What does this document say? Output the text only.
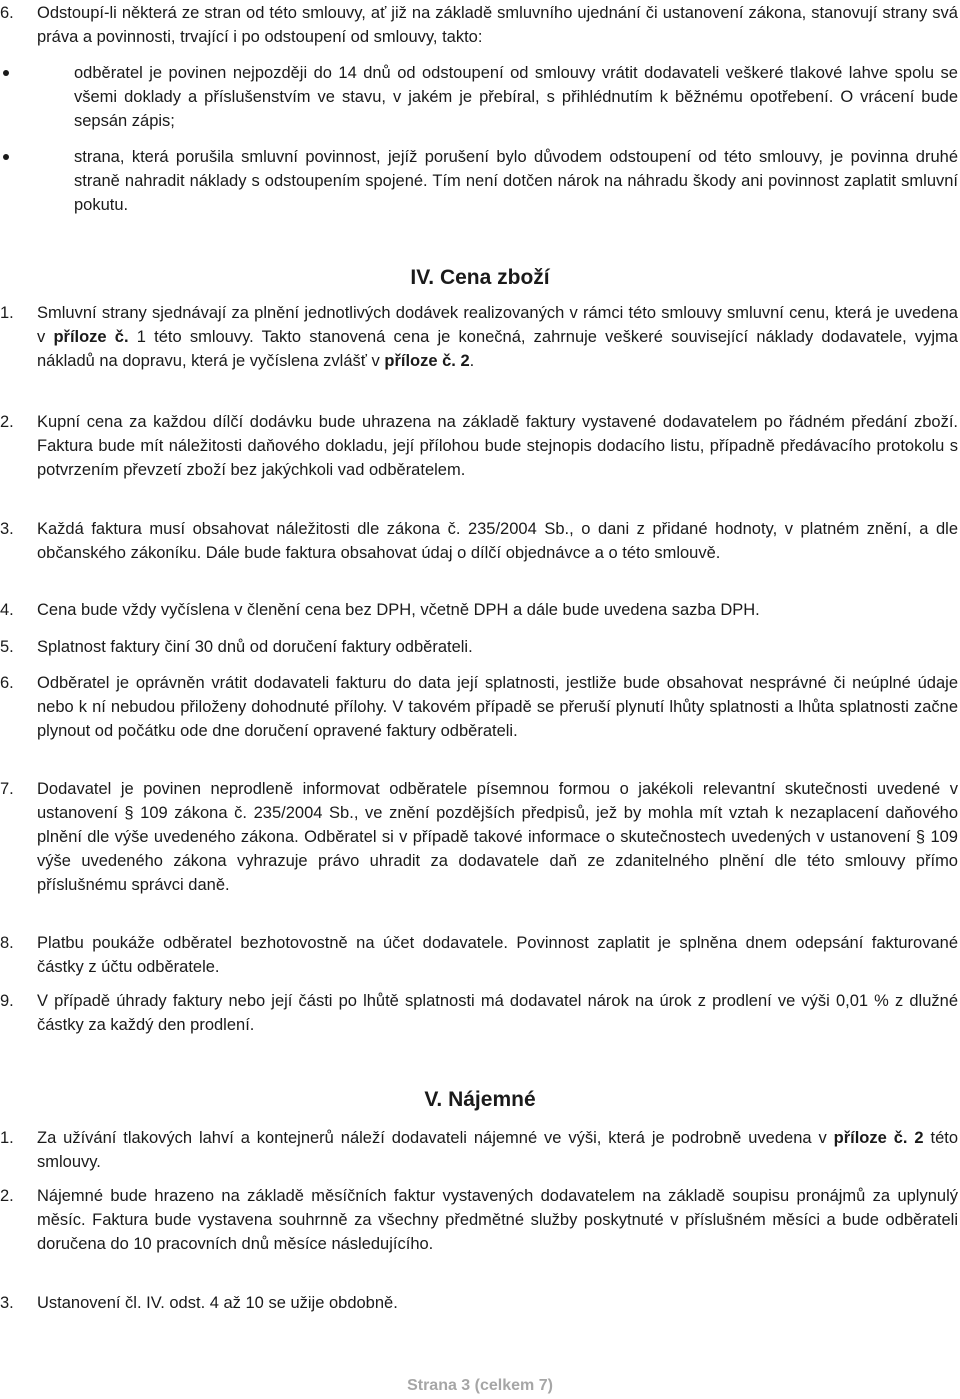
6. Odstoupí-li některá ze stran od této smlouvy, ať již na základě smluvního ujednání či ustanovení zákona, stanovují strany svá práva a povinnosti, trvající i po odstoupení od smlouvy, takto:
odběratel je povinen nejpozději do 14 dnů od odstoupení od smlouvy vrátit dodavateli veškeré tlakové lahve spolu se všemi doklady a příslušenstvím ve stavu, v jakém je přebíral, s přihlédnutím k běžnému opotřebení. O vrácení bude sepsán zápis;
strana, která porušila smluvní povinnost, jejíž porušení bylo důvodem odstoupení od této smlouvy, je povinna druhé straně nahradit náklady s odstoupením spojené. Tím není dotčen nárok na náhradu škody ani povinnost zaplatit smluvní pokutu.
IV. Cena zboží
1. Smluvní strany sjednávají za plnění jednotlivých dodávek realizovaných v rámci této smlouvy smluvní cenu, která je uvedena v příloze č. 1 této smlouvy. Takto stanovená cena je konečná, zahrnuje veškeré související náklady dodavatele, vyjma nákladů na dopravu, která je vyčíslena zvlášť v příloze č. 2.
2. Kupní cena za každou dílčí dodávku bude uhrazena na základě faktury vystavené dodavatelem po řádném předání zboží. Faktura bude mít náležitosti daňového dokladu, její přílohou bude stejnopis dodacího listu, případně předávacího protokolu s potvrzením převzetí zboží bez jakýchkoli vad odběratelem.
3. Každá faktura musí obsahovat náležitosti dle zákona č. 235/2004 Sb., o dani z přidané hodnoty, v platném znění, a dle občanského zákoníku. Dále bude faktura obsahovat údaj o dílčí objednávce a o této smlouvě.
4. Cena bude vždy vyčíslena v členění cena bez DPH, včetně DPH a dále bude uvedena sazba DPH.
5. Splatnost faktury činí 30 dnů od doručení faktury odběrateli.
6. Odběratel je oprávněn vrátit dodavateli fakturu do data její splatnosti, jestliže bude obsahovat nesprávné či neúplné údaje nebo k ní nebudou přiloženy dohodnuté přílohy. V takovém případě se přeruší plynutí lhůty splatnosti a lhůta splatnosti začne plynout od počátku ode dne doručení opravené faktury odběrateli.
7. Dodavatel je povinen neprodleně informovat odběratele písemnou formou o jakékoli relevantní skutečnosti uvedené v ustanovení § 109 zákona č. 235/2004 Sb., ve znění pozdějších předpisů, jež by mohla mít vztah k nezaplacení daňového plnění dle výše uvedeného zákona. Odběratel si v případě takové informace o skutečnostech uvedených v ustanovení § 109 výše uvedeného zákona vyhrazuje právo uhradit za dodavatele daň ze zdanitelného plnění dle této smlouvy přímo příslušnému správci daně.
8. Platbu poukáže odběratel bezhotovostně na účet dodavatele. Povinnost zaplatit je splněna dnem odepsání fakturované částky z účtu odběratele.
9. V případě úhrady faktury nebo její části po lhůtě splatnosti má dodavatel nárok na úrok z prodlení ve výši 0,01 % z dlužné částky za každý den prodlení.
V. Nájemné
1. Za užívání tlakových lahví a kontejnerů náleží dodavateli nájemné ve výši, která je podrobně uvedena v příloze č. 2 této smlouvy.
2. Nájemné bude hrazeno na základě měsíčních faktur vystavených dodavatelem na základě soupisu pronájmů za uplynulý měsíc. Faktura bude vystavena souhrnně za všechny předmětné služby poskytnuté v příslušném měsíci a bude odběrateli doručena do 10 pracovních dnů měsíce následujícího.
3. Ustanovení čl. IV. odst. 4 až 10 se užije obdobně.
Strana 3 (celkem 7)
